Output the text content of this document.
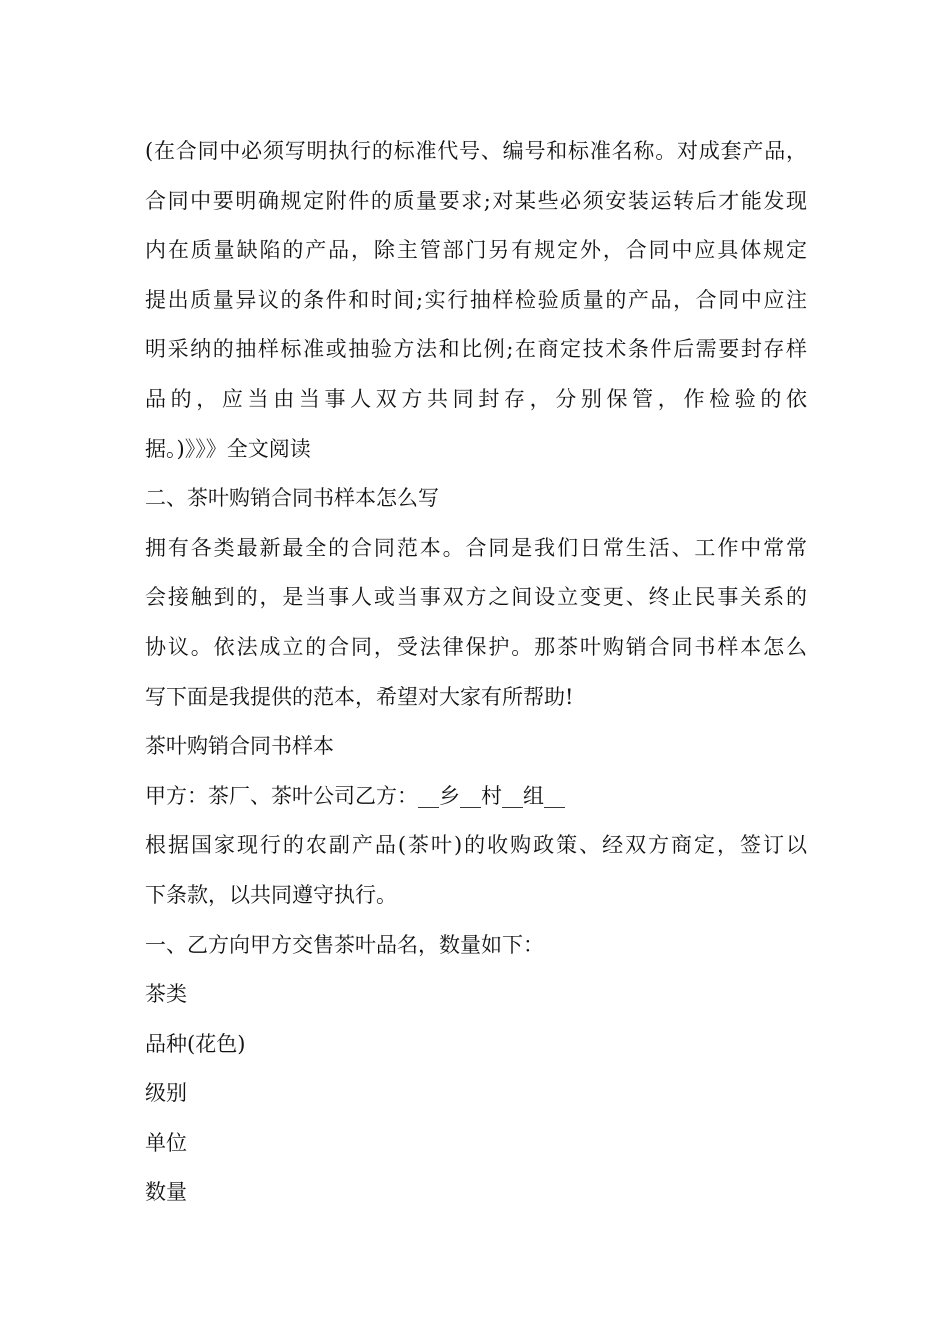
(在合同中必须写明执行的标准代号、编号和标准名称。对成套产品，
合同中要明确规定附件的质量要求;对某些必须安装运转后才能发现
内在质量缺陷的产品，除主管部门另有规定外，合同中应具体规定
提出质量异议的条件和时间;实行抽样检验质量的产品，合同中应注
明采纳的抽样标准或抽验方法和比例;在商定技术条件后需要封存样
品的，应当由当事人双方共同封存，分别保管，作检验的依
据。)》》》全文阅读
二、茶叶购销合同书样本怎么写
拥有各类最新最全的合同范本。合同是我们日常生活、工作中常常
会接触到的，是当事人或当事双方之间设立变更、终止民事关系的
协议。依法成立的合同，受法律保护。那茶叶购销合同书样本怎么
写下面是我提供的范本，希望对大家有所帮助!
茶叶购销合同书样本
甲方：茶厂、茶叶公司乙方：__乡__村__组__
根据国家现行的农副产品(茶叶)的收购政策、经双方商定，签订以
下条款，以共同遵守执行。
一、乙方向甲方交售茶叶品名，数量如下：
茶类
品种(花色)
级别
单位
数量
